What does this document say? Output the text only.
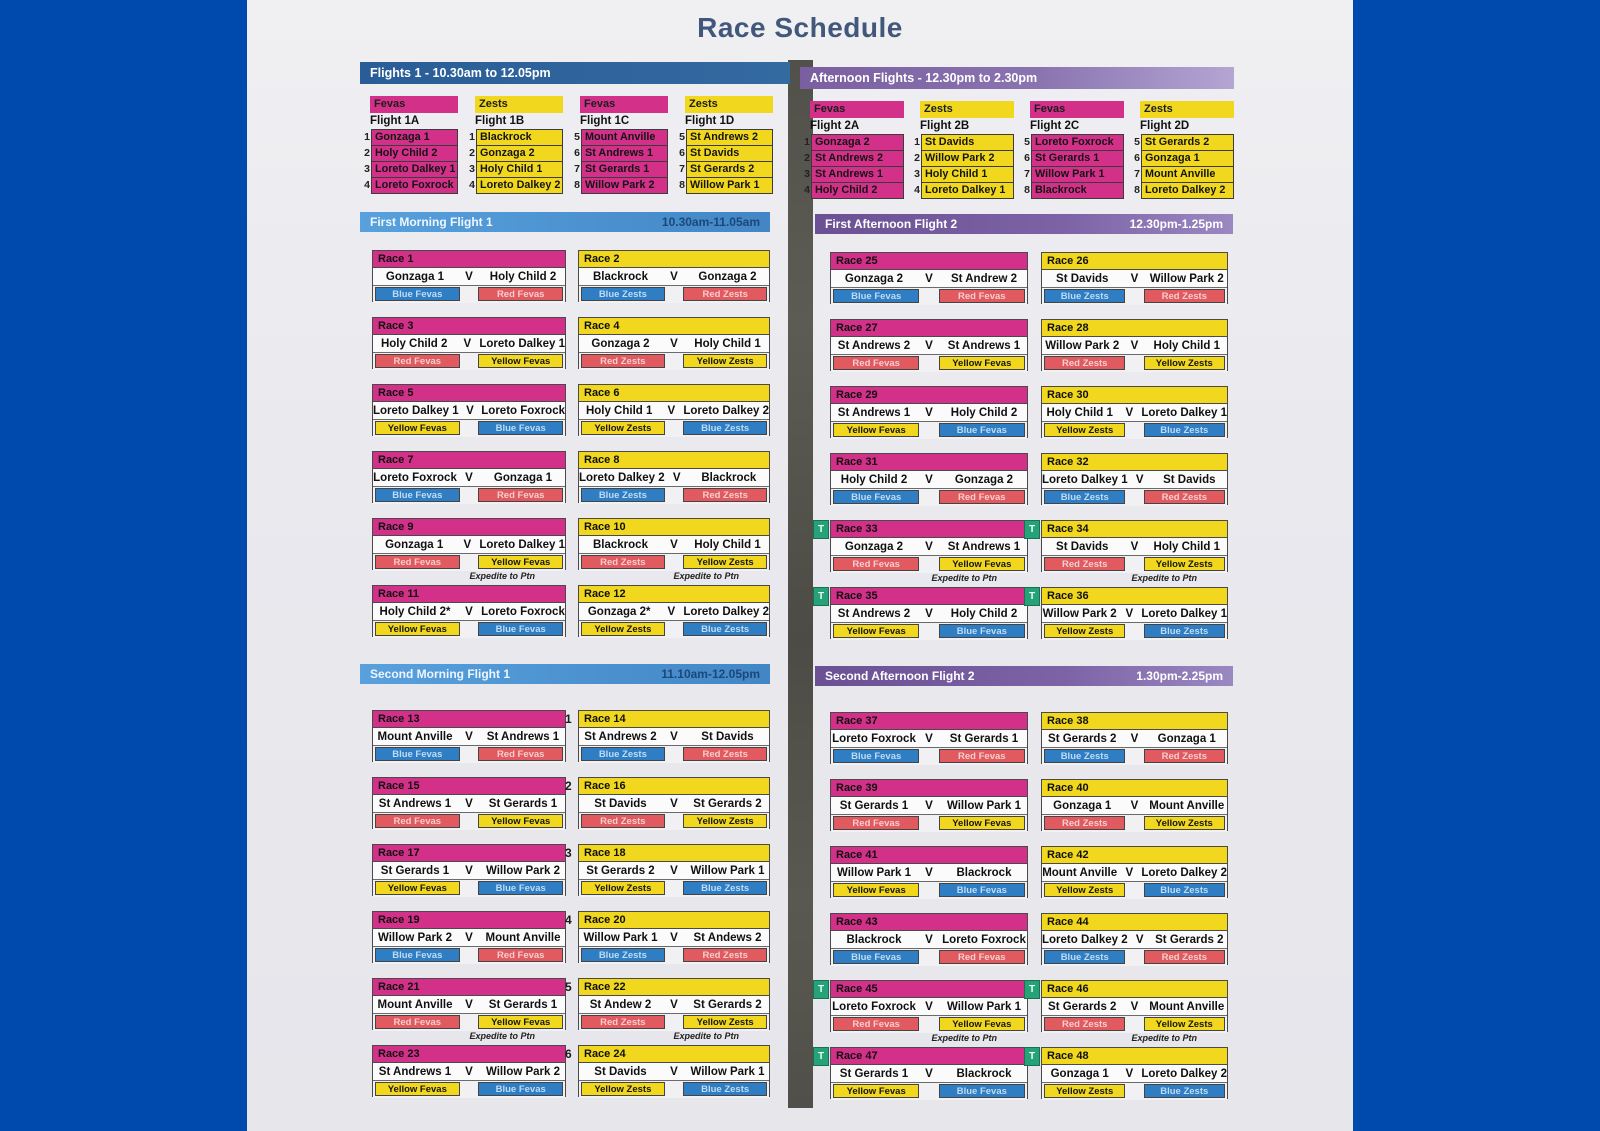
Race Schedule
Flights 1 - 10.30am to 12.05pm
Fevas
Flight 1A
1 Gonzaga 1
2 Holy Child 2
3 Loreto Dalkey 1
4 Loreto Foxrock
Zests
Flight 1B
1 Blackrock
2 Gonzaga 2
3 Holy Child 1
4 Loreto Dalkey 2
Fevas
Flight 1C
5 Mount Anville
6 St Andrews 1
7 St Gerards 1
8 Willow Park 2
Zests
Flight 1D
5 St Andrews 2
6 St Davids
7 St Gerards 2
8 Willow Park 1
Afternoon Flights - 12.30pm to 2.30pm
Fevas
Flight 2A
1 Gonzaga 2
2 St Andrews 2
3 St Andrews 1
4 Holy Child 2
Zests
Flight 2B
1 St Davids
2 Willow Park 2
3 Holy Child 1
4 Loreto Dalkey 1
Fevas
Flight 2C
5 Loreto Foxrock
6 St Gerards 1
7 Willow Park 1
8 Blackrock
Zests
Flight 2D
5 St Gerards 2
6 Gonzaga 1
7 Mount Anville
8 Loreto Dalkey 2
First Morning Flight 1	10.30am-11.05am
Race 1
Gonzaga 1	V	Holy Child 2
Blue Fevas	Red Fevas
Race 2
Blackrock	V	Gonzaga 2
Blue Zests	Red Zests
Race 3
Holy Child 2	V Loreto Dalkey 1
Red Fevas	Yellow Fevas
Race 4
Gonzaga 2	V	Holy Child 1
Red Zests	Yellow Zests
Race 5
Loreto Dalkey 1 V Loreto Foxrock
Yellow Fevas	Blue Fevas
Race 6
Holy Child 1	V Loreto Dalkey 2
Yellow Zests	Blue Zests
Race 7
Loreto Foxrock V	Gonzaga 1
Blue Fevas	Red Fevas
Race 8
Loreto Dalkey 2 V	Blackrock
Blue Zests	Red Zests
Race 9
Gonzaga 1	V Loreto Dalkey 1
Red Fevas	Yellow Fevas
Expedite to Ptn
Race 10
Blackrock	V	Holy Child 1
Red Zests	Yellow Zests
Expedite to Ptn
Race 11
Holy Child 2*	V Loreto Foxrock
Yellow Fevas	Blue Fevas
Race 12
Gonzaga 2*	V Loreto Dalkey 2
Yellow Zests	Blue Zests
First Afternoon Flight 2	12.30pm-1.25pm
Race 25
Gonzaga 2	V	St Andrew 2
Blue Fevas	Red Fevas
Race 26
St Davids	V Willow Park 2
Blue Zests	Red Zests
Race 27
St Andrews 2	V	St Andrews 1
Red Fevas	Yellow Fevas
Race 28
Willow Park 2 V	Holy Child 1
Red Zests	Yellow Zests
Race 29
St Andrews 1	V	Holy Child 2
Yellow Fevas	Blue Fevas
Race 30
Holy Child 1	V Loreto Dalkey 1
Yellow Zests	Blue Zests
Race 31
Holy Child 2	V	Gonzaga 2
Blue Fevas	Red Fevas
Race 32
Loreto Dalkey 1 V	St Davids
Blue Zests	Red Zests
T	Race 33
Gonzaga 2	V	St Andrews 1
Red Fevas	Yellow Fevas
Expedite to Ptn
T	Race 34
St Davids	V	Holy Child 1
Red Zests	Yellow Zests
Expedite to Ptn
T	Race 35
St Andrews 2	V	Holy Child 2
Yellow Fevas	Blue Fevas
T	Race 36
Willow Park 2 V Loreto Dalkey 1
Yellow Zests	Blue Zests
Second Morning Flight 1	11.10am-12.05pm
Race 13
Mount Anville	V	St Andrews 1
Blue Fevas	Red Fevas
1	Race 14
St Andrews 2	V	St Davids
Blue Zests	Red Zests
Race 15
St Andrews 1	V	St Gerards 1
Red Fevas	Yellow Fevas
2	Race 16
St Davids	V	St Gerards 2
Red Zests	Yellow Zests
Race 17
St Gerards 1	V	Willow Park 2
Yellow Fevas	Blue Fevas
3	Race 18
St Gerards 2	V	Willow Park 1
Yellow Zests	Blue Zests
Race 19
Willow Park 2	V	Mount Anville
Blue Fevas	Red Fevas
4	Race 20
Willow Park 1	V	St Andews 2
Blue Zests	Red Zests
Race 21
Mount Anville	V	St Gerards 1
Red Fevas	Yellow Fevas
Expedite to Ptn
5	Race 22
St Andew 2	V	St Gerards 2
Red Zests	Yellow Zests
Expedite to Ptn
Race 23
St Andrews 1	V	Willow Park 2
Yellow Fevas	Blue Fevas
6	Race 24
St Davids	V	Willow Park 1
Yellow Zests	Blue Zests
Second Afternoon Flight 2	1.30pm-2.25pm
Race 37
Loreto Foxrock V	St Gerards 1
Blue Fevas	Red Fevas
Race 38
St Gerards 2	V	Gonzaga 1
Blue Zests	Red Zests
Race 39
St Gerards 1	V	Willow Park 1
Red Fevas	Yellow Fevas
Race 40
Gonzaga 1	V Mount Anville
Red Zests	Yellow Zests
Race 41
Willow Park 1	V	Blackrock
Yellow Fevas	Blue Fevas
Race 42
Mount Anville V Loreto Dalkey 2
Yellow Zests	Blue Zests
Race 43
Blackrock	V Loreto Foxrock
Blue Fevas	Red Fevas
Race 44
Loreto Dalkey 2 V	St Gerards 2
Blue Zests	Red Zests
T	Race 45
Loreto Foxrock V	Willow Park 1
Red Fevas	Yellow Fevas
Expedite to Ptn
T	Race 46
St Gerards 2	V Mount Anville
Red Zests	Yellow Zests
Expedite to Ptn
T	Race 47
St Gerards 1	V	Blackrock
Yellow Fevas	Blue Fevas
T	Race 48
Gonzaga 1	V Loreto Dalkey 2
Yellow Zests	Blue Zests
